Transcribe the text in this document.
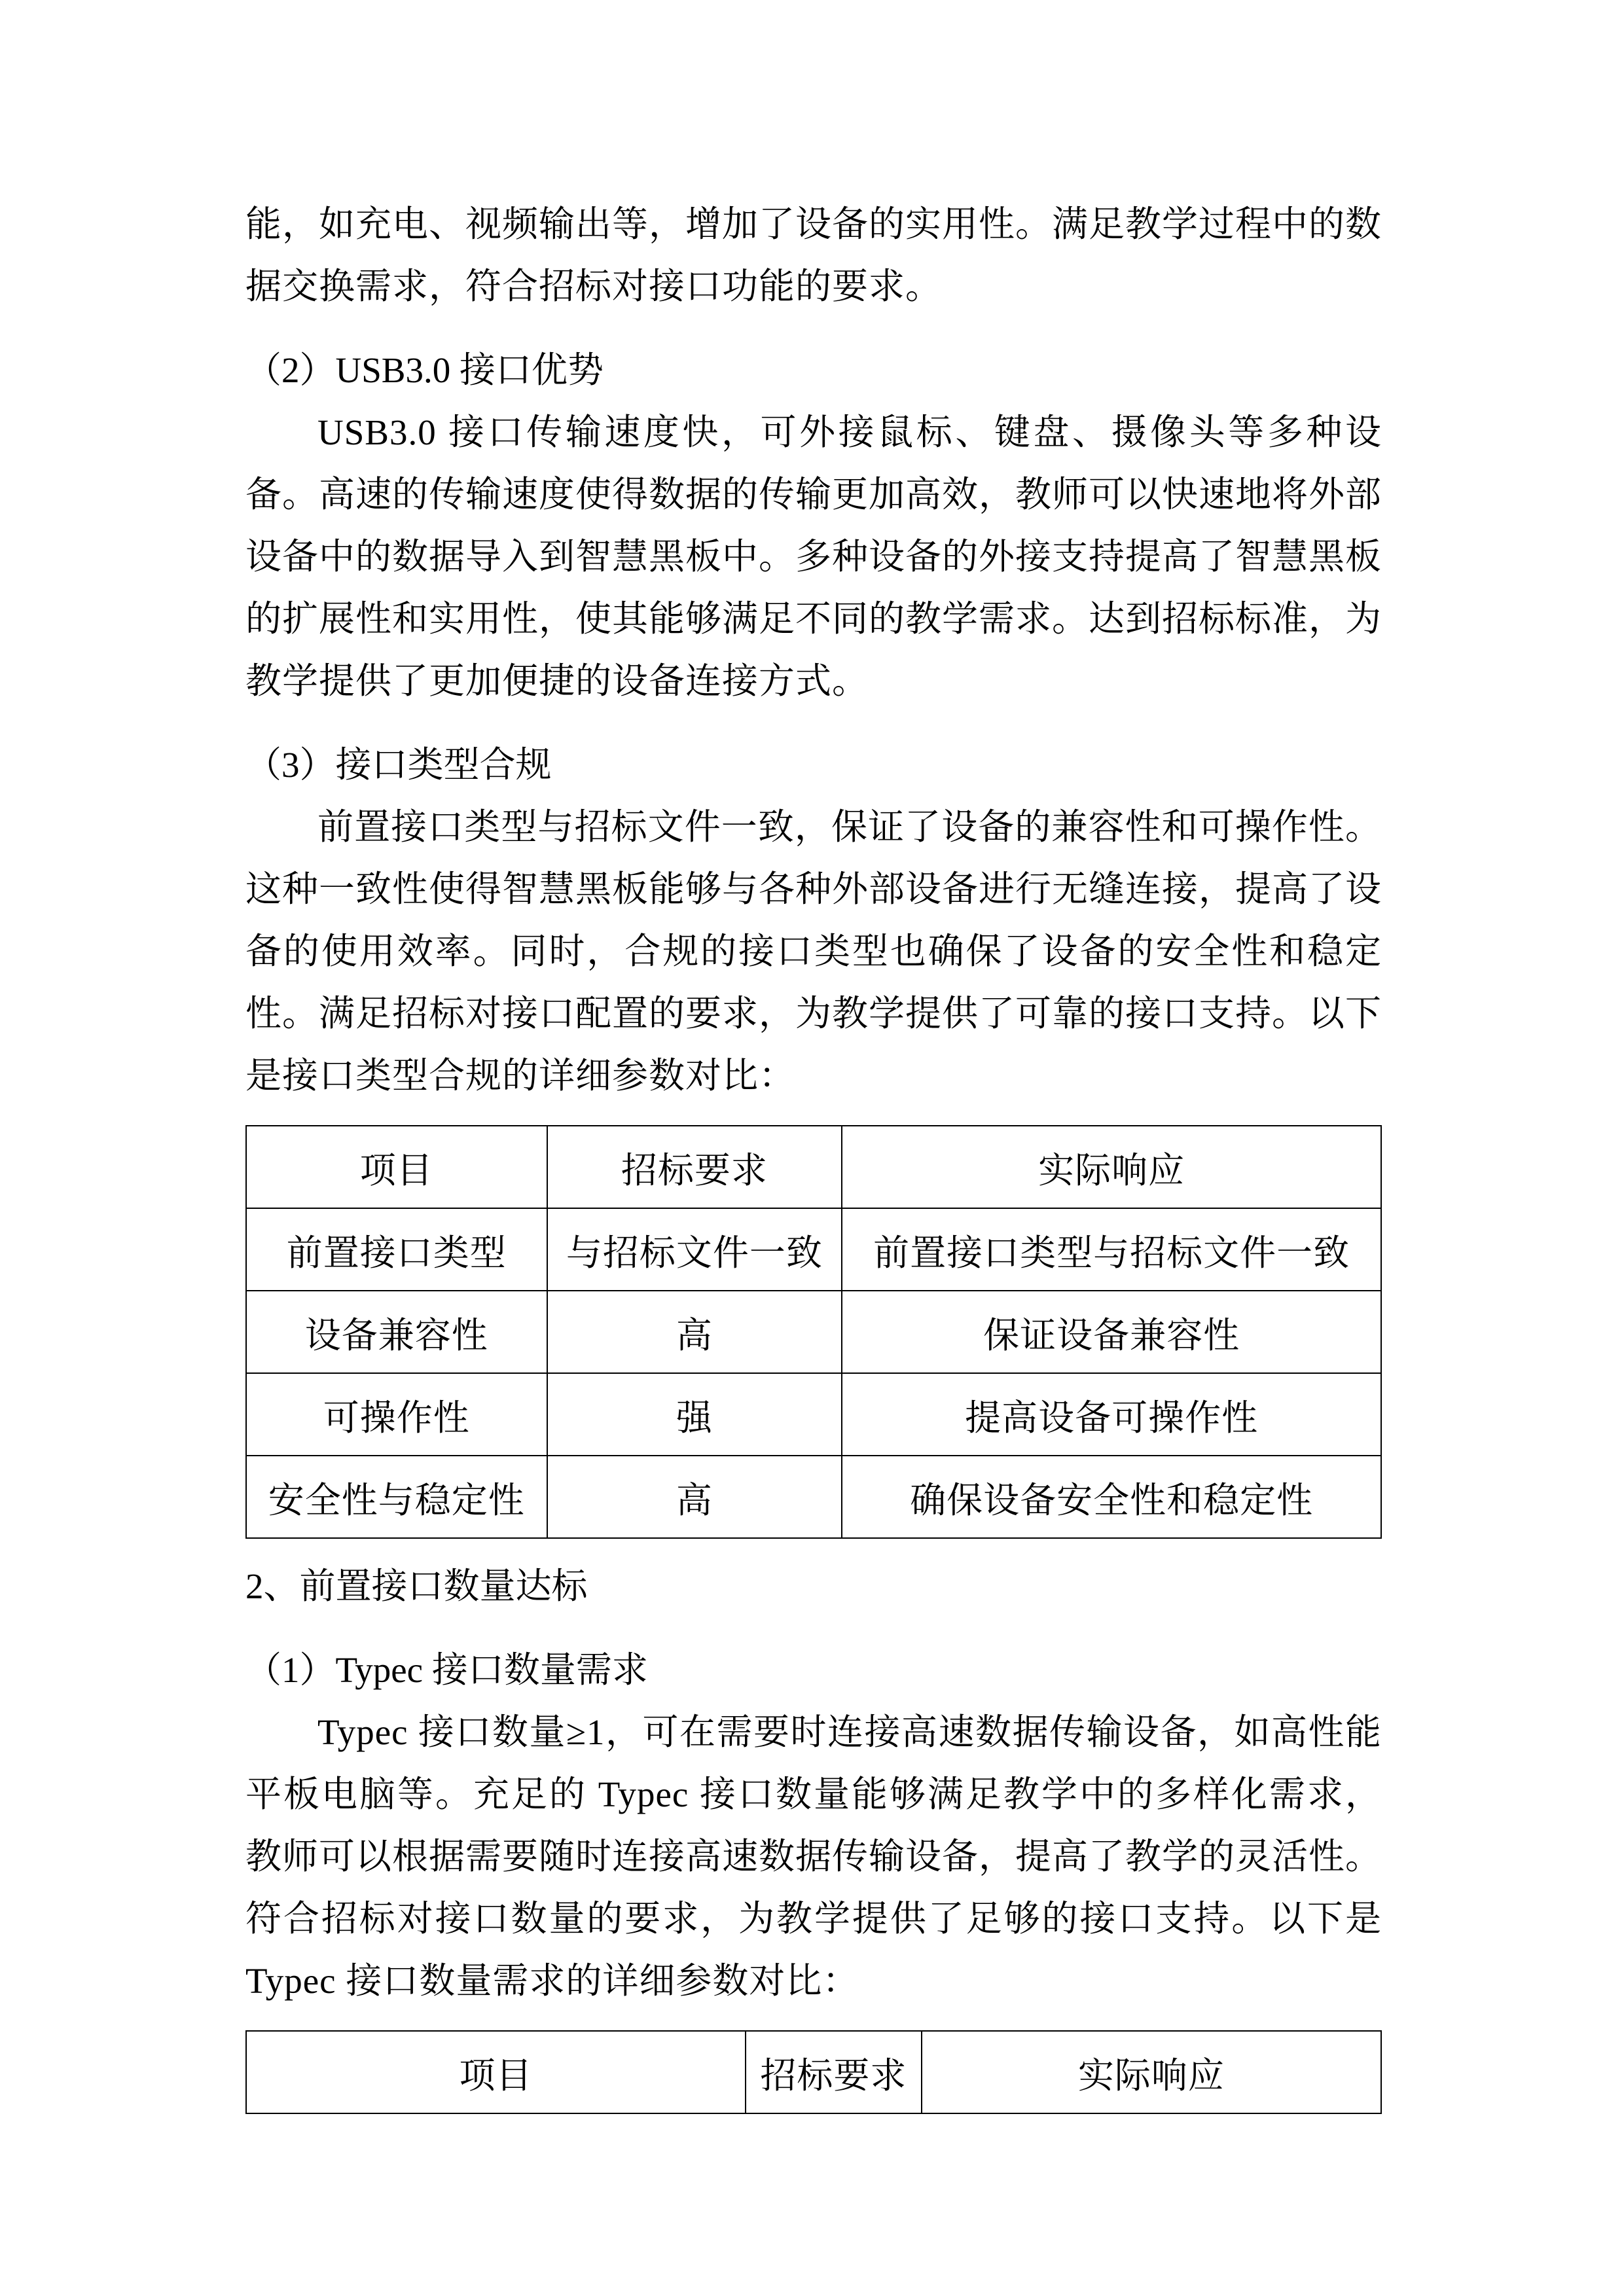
能，如充电、视频输出等，增加了设备的实用性。满足教学过程中的数据交换需求，符合招标对接口功能的要求。

（2）USB3.0 接口优势

USB3.0 接口传输速度快，可外接鼠标、键盘、摄像头等多种设备。高速的传输速度使得数据的传输更加高效，教师可以快速地将外部设备中的数据导入到智慧黑板中。多种设备的外接支持提高了智慧黑板的扩展性和实用性，使其能够满足不同的教学需求。达到招标标准，为教学提供了更加便捷的设备连接方式。

（3）接口类型合规

前置接口类型与招标文件一致，保证了设备的兼容性和可操作性。这种一致性使得智慧黑板能够与各种外部设备进行无缝连接，提高了设备的使用效率。同时，合规的接口类型也确保了设备的安全性和稳定性。满足招标对接口配置的要求，为教学提供了可靠的接口支持。以下是接口类型合规的详细参数对比：

项目	招标要求	实际响应
前置接口类型	与招标文件一致	前置接口类型与招标文件一致
设备兼容性	高	保证设备兼容性
可操作性	强	提高设备可操作性
安全性与稳定性	高	确保设备安全性和稳定性

2、前置接口数量达标

（1）Typec 接口数量需求

Typec 接口数量≥1，可在需要时连接高速数据传输设备，如高性能平板电脑等。充足的 Typec 接口数量能够满足教学中的多样化需求，教师可以根据需要随时连接高速数据传输设备，提高了教学的灵活性。符合招标对接口数量的要求，为教学提供了足够的接口支持。以下是 Typec 接口数量需求的详细参数对比：

项目	招标要求	实际响应
